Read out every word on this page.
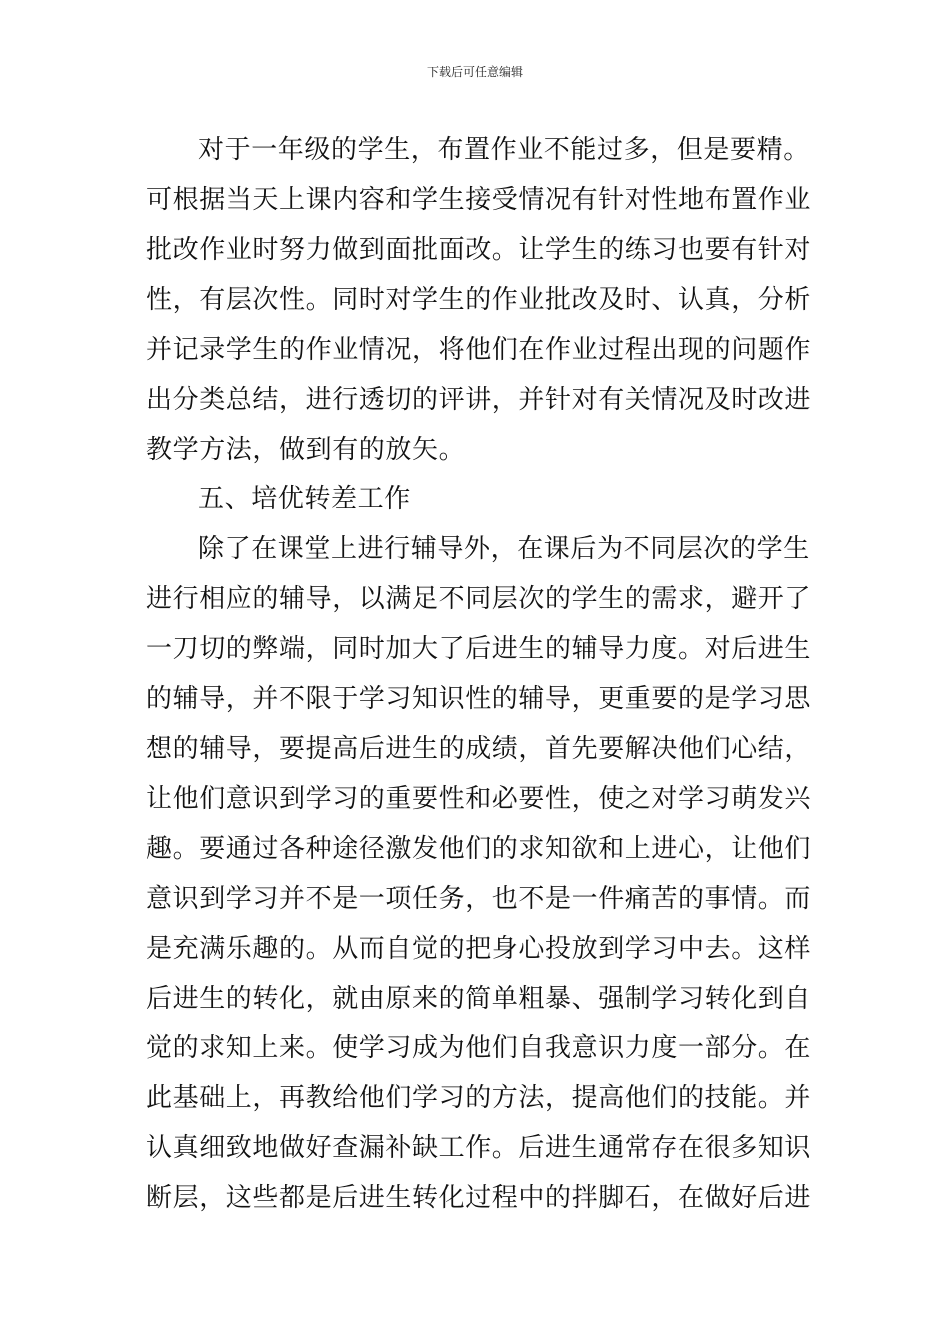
下载后可任意编辑
对于一年级的学生，布置作业不能过多，但是要精。
可根据当天上课内容和学生接受情况有针对性地布置作业
批改作业时努力做到面批面改。让学生的练习也要有针对
性，有层次性。同时对学生的作业批改及时、认真，分析
并记录学生的作业情况，将他们在作业过程出现的问题作
出分类总结，进行透切的评讲，并针对有关情况及时改进
教学方法，做到有的放矢。
五、培优转差工作
除了在课堂上进行辅导外，在课后为不同层次的学生
进行相应的辅导，以满足不同层次的学生的需求，避开了
一刀切的弊端，同时加大了后进生的辅导力度。对后进生
的辅导，并不限于学习知识性的辅导，更重要的是学习思
想的辅导，要提高后进生的成绩，首先要解决他们心结，
让他们意识到学习的重要性和必要性，使之对学习萌发兴
趣。要通过各种途径激发他们的求知欲和上进心，让他们
意识到学习并不是一项任务，也不是一件痛苦的事情。而
是充满乐趣的。从而自觉的把身心投放到学习中去。这样
后进生的转化，就由原来的简单粗暴、强制学习转化到自
觉的求知上来。使学习成为他们自我意识力度一部分。在
此基础上，再教给他们学习的方法，提高他们的技能。并
认真细致地做好查漏补缺工作。后进生通常存在很多知识
断层，这些都是后进生转化过程中的拌脚石，在做好后进
